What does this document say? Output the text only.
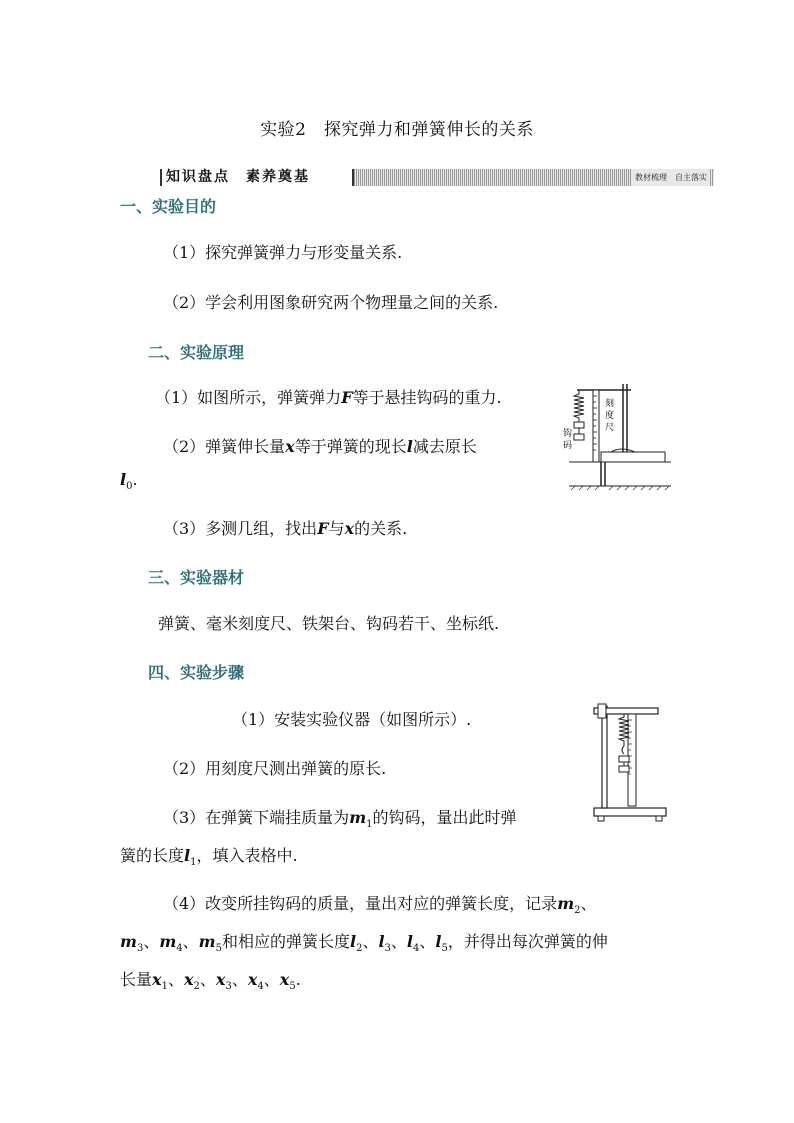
实验2　探究弹力和弹簧伸长的关系
知识盘点　素养奠基	教材梳理　自主落实
一、实验目的
（1）探究弹簧弹力与形变量关系.
（2）学会利用图象研究两个物理量之间的关系.
二、实验原理
（1）如图所示，弹簧弹力F等于悬挂钩码的重力.
（2）弹簧伸长量x等于弹簧的现长l减去原长
$l_0$.
（3）多测几组，找出F与x的关系.
刻
度
尺
钩
码
三、实验器材
弹簧、毫米刻度尺、铁架台、钩码若干、坐标纸.
四、实验步骤
（1）安装实验仪器（如图所示）.
（2）用刻度尺测出弹簧的原长.
（3）在弹簧下端挂质量为$m_1$的钩码，量出此时弹
簧的长度$l_1$，填入表格中.
（4）改变所挂钩码的质量，量出对应的弹簧长度，记录$m_2$、
$m_3$、$m_4$、$m_5$和相应的弹簧长度$l_2$、$l_3$、$l_4$、$l_5$，并得出每次弹簧的伸
长量$x_1$、$x_2$、$x_3$、$x_4$、$x_5$.
